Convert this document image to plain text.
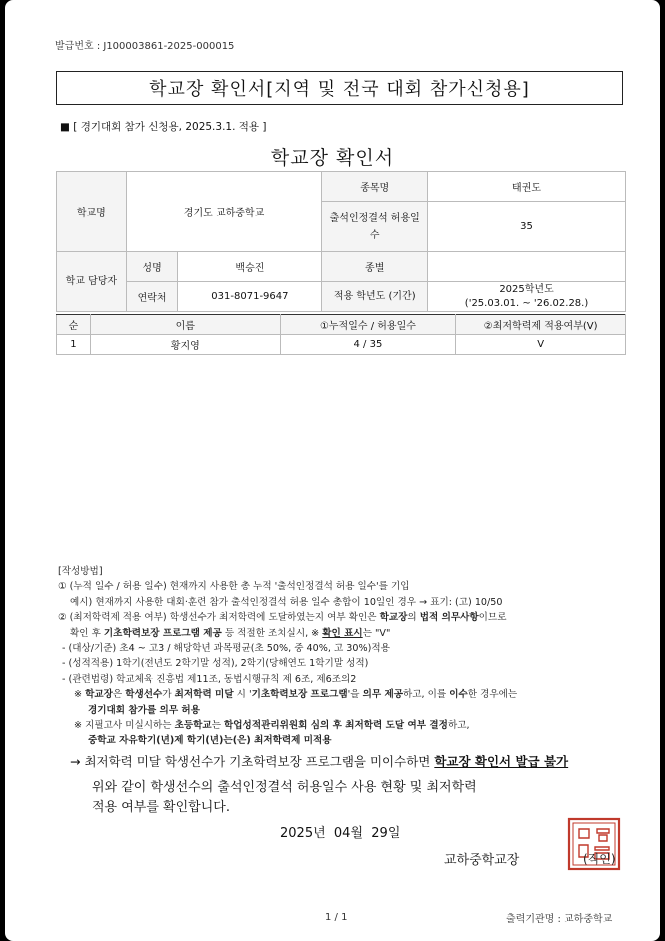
발급번호 : J100003861-2025-000015
학교장 확인서[지역 및 전국 대회 참가신청용]
■ [ 경기대회 참가 신청용, 2025.3.1. 적용 ]
학교장 확인서
학교명	경기도 교하중학교		종목명	태권도
			출석인정결석 허용일수	35
학교 담당자	성명	백승진	종별	
	연락처	031-8071-9647	적용 학년도 (기간)	2025학년도
('25.03.01. ~ '26.02.28.)
순	이름	①누적일수 / 허용일수	②최저학력제 적용여부(V)
1	황지영	4 / 35	V
[작성방법]
① (누적 일수 / 허용 일수) 현재까지 사용한 총 누적 '출석인정결석 허용 일수'를 기입
예시) 현재까지 사용한 대회·훈련 참가 출석인정결석 허용 일수 총합이 10일인 경우 → 표기: (고) 10/50
② (최저학력제 적용 여부) 학생선수가 최저학력에 도달하였는지 여부 확인은 학교장의 법적 의무사항이므로
확인 후 기초학력보장 프로그램 제공 등 적절한 조치실시, ※ 확인 표시는 "V"
- (대상/기준) 초4 ~ 고3 / 해당학년 과목평균(초 50%, 중 40%, 고 30%)적용
- (성적적용) 1학기(전년도 2학기말 성적), 2학기(당해연도 1학기말 성적)
- (관련법령) 학교체육 진흥법 제11조, 동법시행규칙 제 6조, 제6조의2
※ 학교장은 학생선수가 최저학력 미달 시 '기초학력보장 프로그램'을 의무 제공하고, 이를 이수한 경우에는
경기대회 참가를 의무 허용
※ 지필고사 미실시하는 초등학교는 학업성적관리위원회 심의 후 최저학력 도달 여부 결정하고,
중학교 자유학기(년)제 학기(년)는(은) 최저학력제 미적용
→ 최저학력 미달 학생선수가 기초학력보장 프로그램을 미이수하면 학교장 확인서 발급 불가
위와 같이 학생선수의 출석인정결석 허용일수 사용 현황 및 최저학력
적용 여부를 확인합니다.
2025년  04월  29일
교하중학교장	(직인)
1 / 1	출력기관명 : 교하중학교
